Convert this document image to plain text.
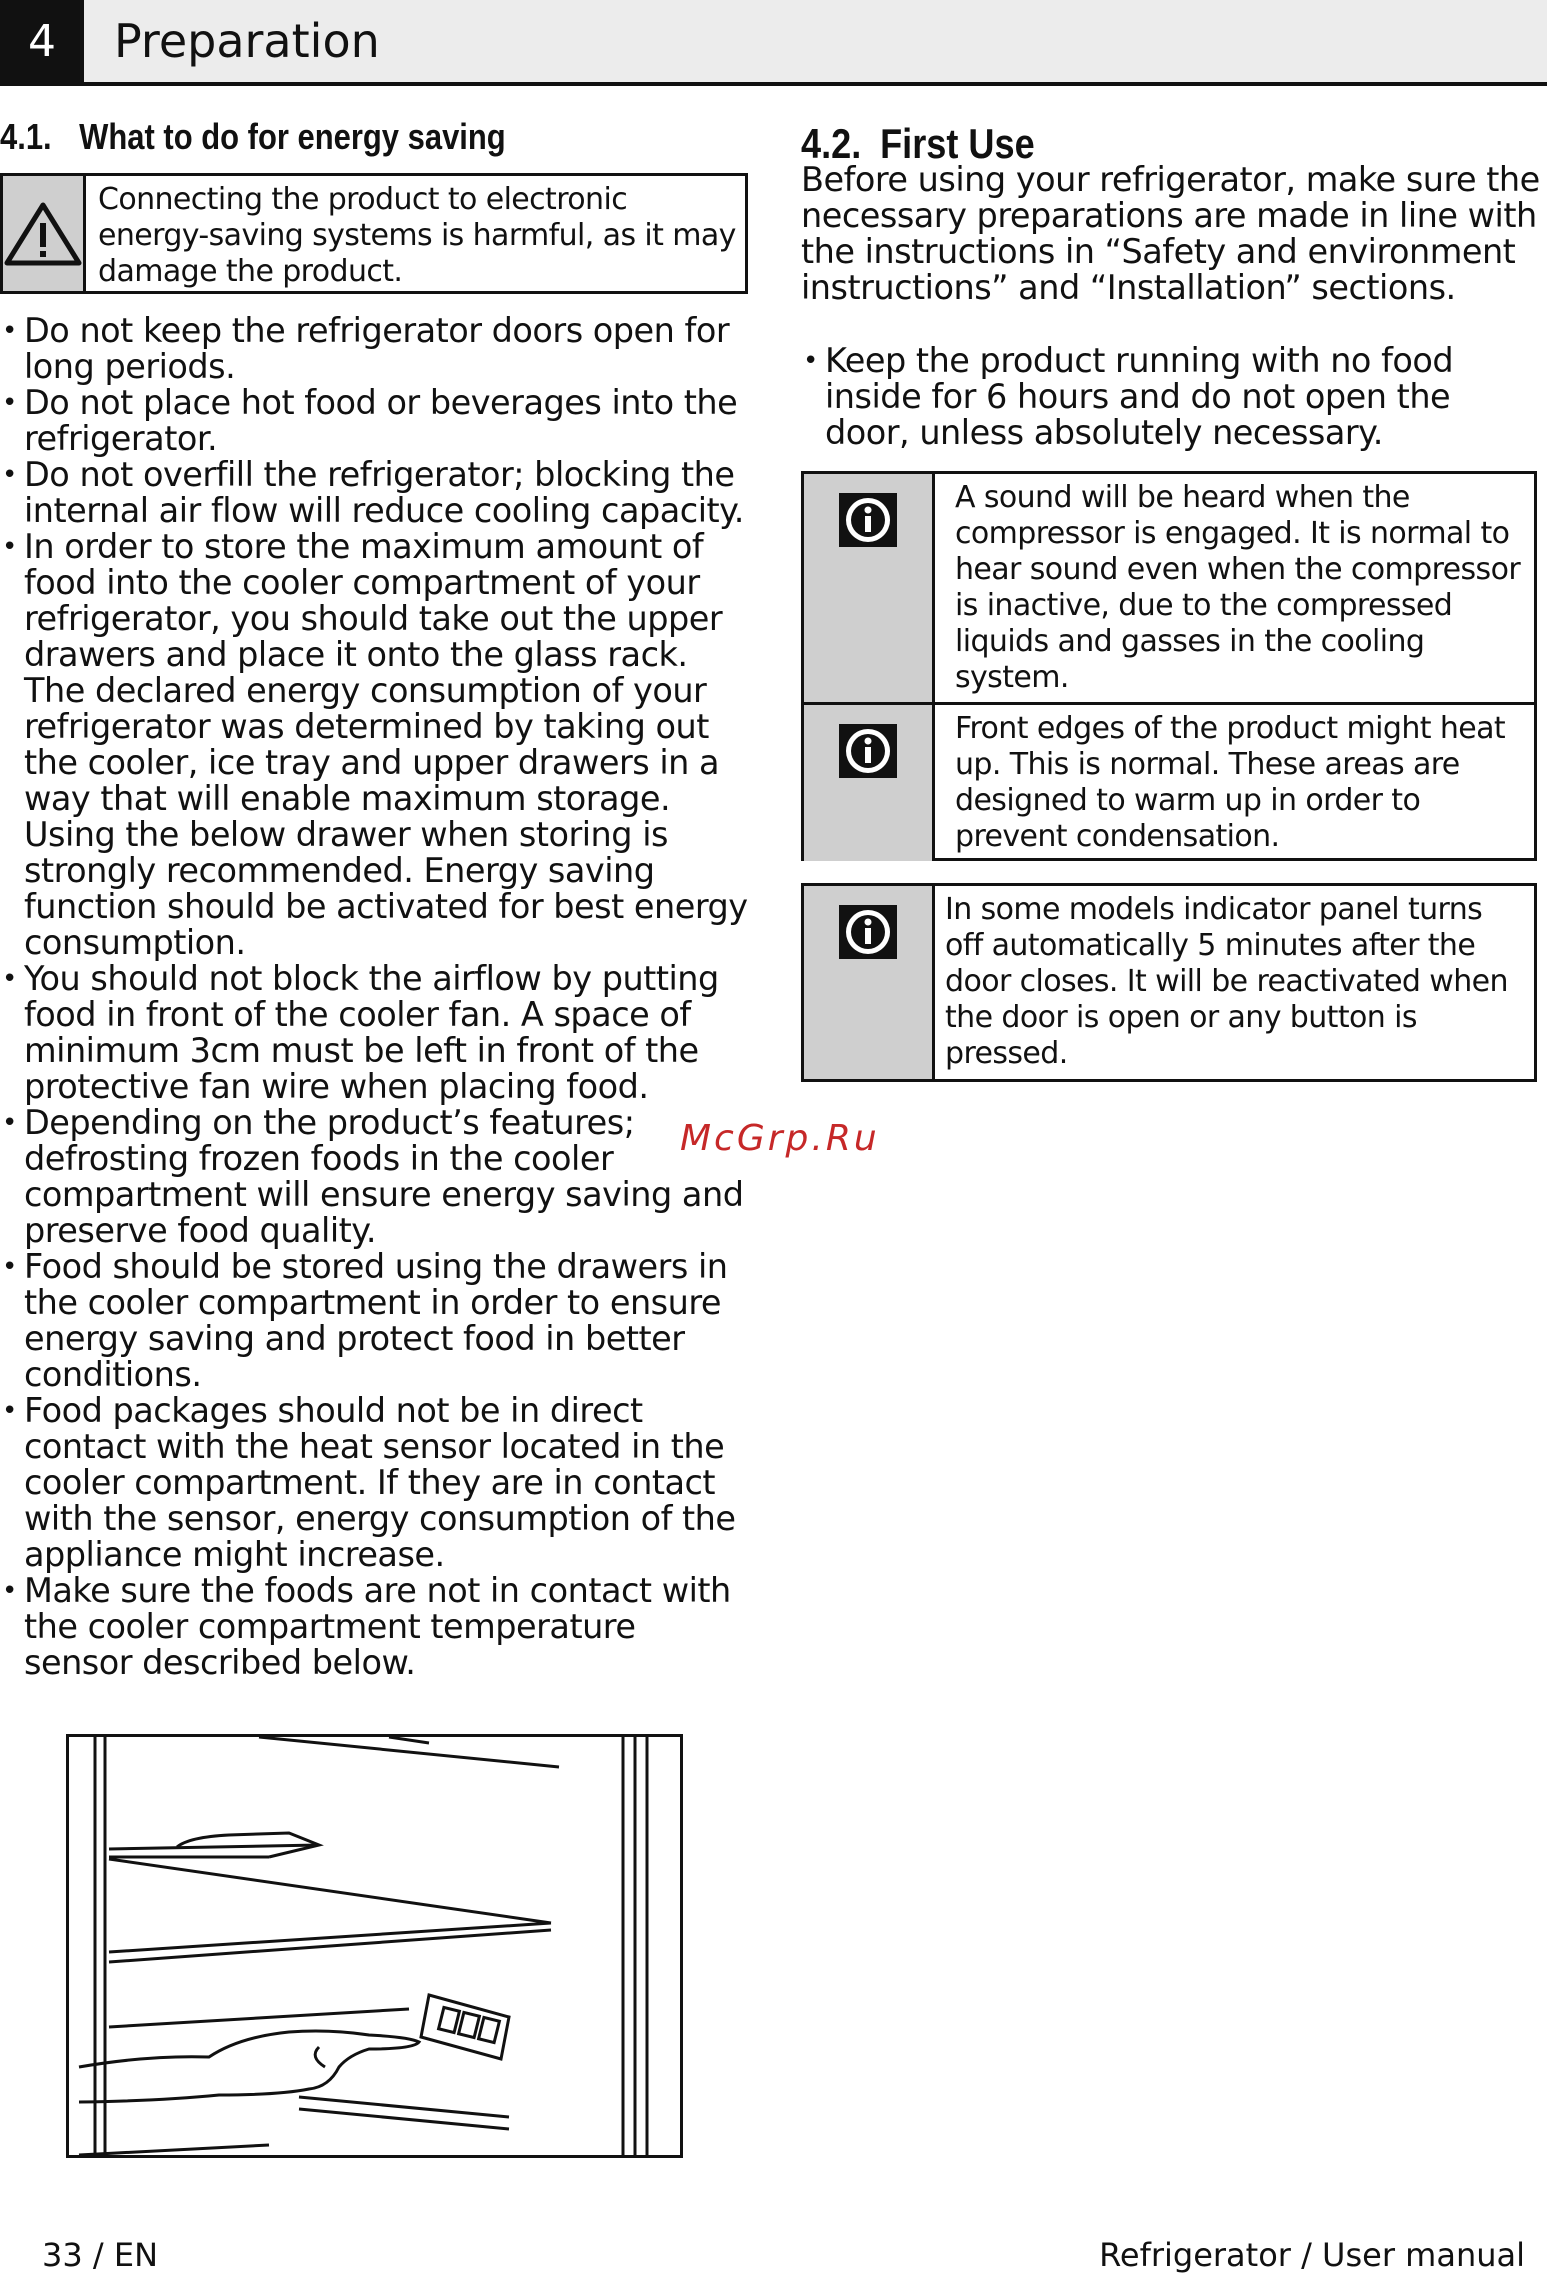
4	Preparation
4.1. What to do for energy saving
Connecting the product to electronic energy-saving systems is harmful, as it may damage the product.
• Do not keep the refrigerator doors open for long periods.
• Do not place hot food or beverages into the refrigerator.
• Do not overfill the refrigerator; blocking the internal air flow will reduce cooling capacity.
• In order to store the maximum amount of food into the cooler compartment of your refrigerator, you should take out the upper drawers and place it onto the glass rack. The declared energy consumption of your refrigerator was determined by taking out the cooler, ice tray and upper drawers in a way that will enable maximum storage. Using the below drawer when storing is strongly recommended. Energy saving function should be activated for best energy consumption.
• You should not block the airflow by putting food in front of the cooler fan. A space of minimum 3cm must be left in front of the protective fan wire when placing food.
• Depending on the product’s features; defrosting frozen foods in the cooler compartment will ensure energy saving and preserve food quality.
• Food should be stored using the drawers in the cooler compartment in order to ensure energy saving and protect food in better conditions.
• Food packages should not be in direct contact with the heat sensor located in the cooler compartment. If they are in contact with the sensor, energy consumption of the appliance might increase.
• Make sure the foods are not in contact with the cooler compartment temperature sensor described below.
4.2. First Use

Before using your refrigerator, make sure the necessary preparations are made in line with the instructions in “Safety and environment instructions” and “Installation” sections.

• Keep the product running with no food inside for 6 hours and do not open the door, unless absolutely necessary.
A sound will be heard when the compressor is engaged. It is normal to hear sound even when the compressor is inactive, due to the compressed liquids and gasses in the cooling system.
Front edges of the product might heat up. This is normal. These areas are designed to warm up in order to prevent condensation.
In some models indicator panel turns off automatically 5 minutes after the door closes. It will be reactivated when the door is open or any button is pressed.
McGrp.Ru
33 / EN	Refrigerator / User manual
